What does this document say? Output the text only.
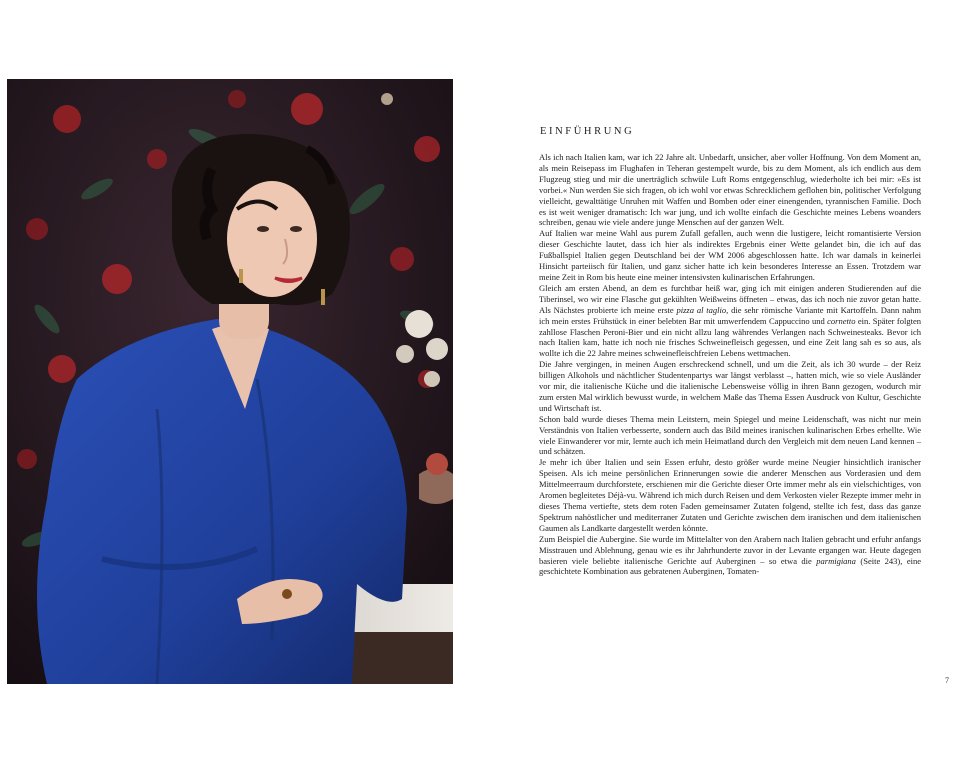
EINFÜHRUNG

Als ich nach Italien kam, war ich 22 Jahre alt. Unbedarft, unsicher, aber voller Hoffnung. Von dem Moment an, als mein Reisepass im Flughafen in Teheran gestempelt wurde, bis zu dem Moment, als ich endlich aus dem Flugzeug stieg und mir die unerträglich schwüle Luft Roms entgegenschlug, wiederholte ich bei mir: »Es ist vorbei.« Nun werden Sie sich fragen, ob ich wohl vor etwas Schrecklichem geflohen bin, politischer Verfolgung vielleicht, gewalttätige Unruhen mit Waffen und Bomben oder einer einengenden, tyrannischen Familie. Doch es ist weit weniger dramatisch: Ich war jung, und ich wollte einfach die Geschichte meines Lebens woanders schreiben, genau wie viele andere junge Menschen auf der ganzen Welt.

Auf Italien war meine Wahl aus purem Zufall gefallen, auch wenn die lustigere, leicht romantisierte Version dieser Geschichte lautet, dass ich hier als indirektes Ergebnis einer Wette gelandet bin, die ich auf das Fußballspiel Italien gegen Deutschland bei der WM 2006 abgeschlossen hatte. Ich war damals in keinerlei Hinsicht parteiisch für Italien, und ganz sicher hatte ich kein besonderes Interesse an Essen. Trotzdem war meine Zeit in Rom bis heute eine meiner intensivsten kulinarischen Erfahrungen.

Gleich am ersten Abend, an dem es furchtbar heiß war, ging ich mit einigen anderen Studierenden auf die Tiberinsel, wo wir eine Flasche gut gekühlten Weißweins öffneten – etwas, das ich noch nie zuvor getan hatte. Als Nächstes probierte ich meine erste pizza al taglio, die sehr römische Variante mit Kartoffeln. Dann nahm ich mein erstes Frühstück in einer belebten Bar mit umwerfendem Cappuccino und cornetto ein. Später folgten zahllose Flaschen Peroni-Bier und ein nicht allzu lang währendes Verlangen nach Schweinesteaks. Bevor ich nach Italien kam, hatte ich noch nie frisches Schweinefleisch gegessen, und eine Zeit lang sah es so aus, als wollte ich die 22 Jahre meines schweinefleischfreien Lebens wettmachen.

Die Jahre vergingen, in meinen Augen erschreckend schnell, und um die Zeit, als ich 30 wurde – der Reiz billigen Alkohols und nächtlicher Studentenpartys war längst verblasst –, hatten mich, wie so viele Ausländer vor mir, die italienische Küche und die italienische Lebensweise völlig in ihren Bann gezogen, wodurch mir zum ersten Mal wirklich bewusst wurde, in welchem Maße das Thema Essen Ausdruck von Kultur, Geschichte und Wirtschaft ist.

Schon bald wurde dieses Thema mein Leitstern, mein Spiegel und meine Leidenschaft, was nicht nur mein Verständnis von Italien verbesserte, sondern auch das Bild meines iranischen kulinarischen Erbes erhellte. Wie viele Einwanderer vor mir, lernte auch ich mein Heimatland durch den Vergleich mit dem neuen Land kennen – und schätzen.

Je mehr ich über Italien und sein Essen erfuhr, desto größer wurde meine Neugier hinsichtlich iranischer Speisen. Als ich meine persönlichen Erinnerungen sowie die anderer Menschen aus Vorderasien und dem Mittelmeerraum durchforstete, erschienen mir die Gerichte dieser Orte immer mehr als ein vielschichtiges, von Aromen begleitetes Déjà-vu. Während ich mich durch Reisen und dem Verkosten vieler Rezepte immer mehr in dieses Thema vertiefte, stets dem roten Faden gemeinsamer Zutaten folgend, stellte ich fest, dass das ganze Spektrum nahöstlicher und mediterraner Zutaten und Gerichte zwischen dem iranischen und dem italienischen Gaumen als Landkarte dargestellt werden könnte.

Zum Beispiel die Aubergine. Sie wurde im Mittelalter von den Arabern nach Italien gebracht und erfuhr anfangs Misstrauen und Ablehnung, genau wie es ihr Jahrhunderte zuvor in der Levante ergangen war. Heute dagegen basieren viele beliebte italienische Gerichte auf Auberginen – so etwa die parmigiana (Seite 243), eine geschichtete Kombination aus gebratenen Auberginen, Tomaten-

7
